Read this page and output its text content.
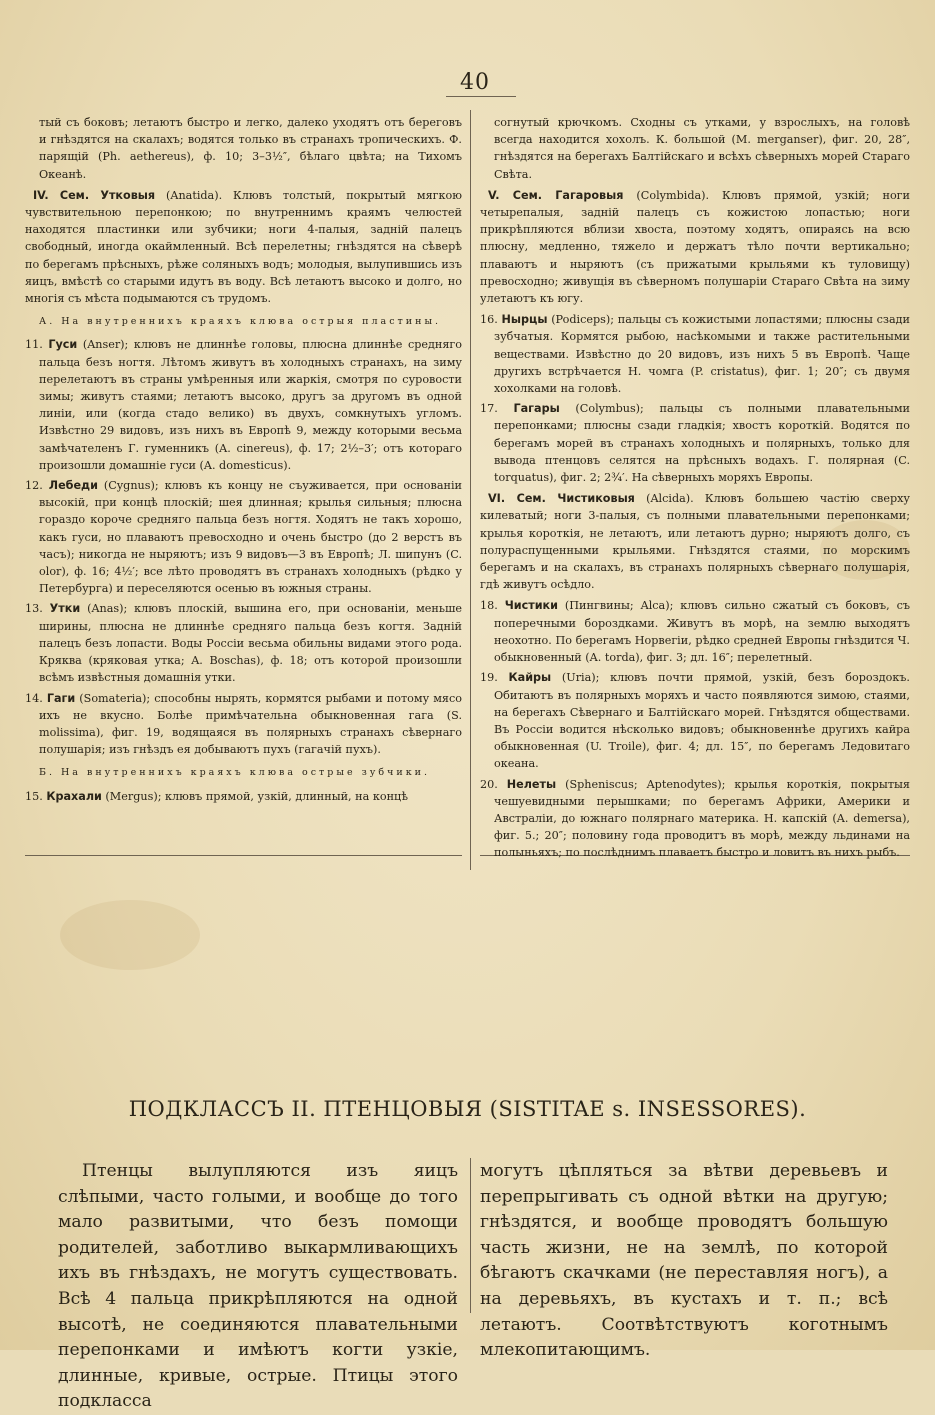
40

тый съ боковъ; летаютъ быстро и легко, далеко уходятъ отъ береговъ и гнѣздятся на скалахъ; водятся только въ странахъ тропическихъ. Ф. парящій (Ph. aethereus), ф. 10; 3–3½″, бѣлаго цвѣта; на Тихомъ Океанѣ.

IV. Сем. Утковыя (Anatida). Клювъ толстый, покрытый мягкою чувствительною перепонкою; по внутреннимъ краямъ челюстей находятся пластинки или зубчики; ноги 4-палыя, задній палецъ свободный, иногда окаймленный. Всѣ перелетны; гнѣздятся на сѣверѣ по берегамъ прѣсныхъ, рѣже соляныхъ водъ; молодыя, вылупившись изъ яицъ, вмѣстѣ со старыми идутъ въ воду. Всѣ летаютъ высоко и долго, но многія съ мѣста подымаются съ трудомъ.

А. На внутреннихъ краяхъ клюва острыя пластины.

11. Гуси (Anser); клювъ не длиннѣе головы, плюсна длиннѣе средняго пальца безъ ногтя. Лѣтомъ живутъ въ холодныхъ странахъ, на зиму перелетаютъ въ страны умѣренныя или жаркія, смотря по суровости зимы; живутъ стаями; летаютъ высоко, другъ за другомъ въ одной линіи, или (когда стадо велико) въ двухъ, сомкнутыхъ угломъ. Извѣстно 29 видовъ, изъ нихъ въ Европѣ 9, между которыми весьма замѣчателенъ Г. гуменникъ (A. cinereus), ф. 17; 2½–3′; отъ котораго произошли домашніе гуси (A. domesticus).

12. Лебеди (Cygnus); клювъ къ концу не съуживается, при основаніи высокій, при концѣ плоскій; шея длинная; крылья сильныя; плюсна гораздо короче средняго пальца безъ ногтя. Ходятъ не такъ хорошо, какъ гуси, но плаваютъ превосходно и очень быстро (до 2 верстъ въ часъ); никогда не ныряютъ; изъ 9 видовъ—3 въ Европѣ; Л. шипунъ (C. olor), ф. 16; 4½′; все лѣто проводятъ въ странахъ холодныхъ (рѣдко у Петербурга) и переселяются осенью въ южныя страны.

13. Утки (Anas); клювъ плоскій, вышина его, при основаніи, меньше ширины, плюсна не длиннѣе средняго пальца безъ когтя. Задній палецъ безъ лопасти. Воды Россіи весьма обильны видами этого рода. Кряква (кряковая утка; A. Boschas), ф. 18; отъ которой произошли всѣмъ извѣстныя домашнія утки.

14. Гаги (Somateria); способны нырять, кормятся рыбами и потому мясо ихъ не вкусно. Болѣе примѣчательна обыкновенная гага (S. molissima), фиг. 19, водящаяся въ полярныхъ странахъ сѣвернаго полушарія; изъ гнѣздъ ея добываютъ пухъ (гагачій пухъ).

Б. На внутреннихъ краяхъ клюва острые зубчики.

15. Крахали (Mergus); клювъ прямой, узкій, длинный, на концѣ

согнутый крючкомъ. Сходны съ утками, у взрослыхъ, на головѣ всегда находится хохолъ. К. большой (M. merganser), фиг. 20, 28″, гнѣздятся на берегахъ Балтійскаго и всѣхъ сѣверныхъ морей Стараго Свѣта.

V. Сем. Гагаровыя (Colymbida). Клювъ прямой, узкій; ноги четырепалыя, задній палецъ съ кожистою лопастью; ноги прикрѣпляются вблизи хвоста, поэтому ходятъ, опираясь на всю плюсну, медленно, тяжело и держатъ тѣло почти вертикально; плаваютъ и ныряютъ (съ прижатыми крыльями къ туловищу) превосходно; живущія въ сѣверномъ полушаріи Стараго Свѣта на зиму улетаютъ къ югу.

16. Нырцы (Podiceps); пальцы съ кожистыми лопастями; плюсны сзади зубчатыя. Кормятся рыбою, насѣкомыми и также растительными веществами. Извѣстно до 20 видовъ, изъ нихъ 5 въ Европѣ. Чаще другихъ встрѣчается Н. чомга (P. cristatus), фиг. 1; 20″; съ двумя хохолками на головѣ.

17. Гагары (Colymbus); пальцы съ полными плавательными перепонками; плюсны сзади гладкія; хвостъ короткій. Водятся по берегамъ морей въ странахъ холодныхъ и полярныхъ, только для вывода птенцовъ селятся на прѣсныхъ водахъ. Г. полярная (C. torquatus), фиг. 2; 2¾′. На сѣверныхъ моряхъ Европы.

VI. Сем. Чистиковыя (Alcida). Клювъ большею частію сверху килеватый; ноги 3-палыя, съ полными плавательными перепонками; крылья короткія, не летаютъ, или летаютъ дурно; ныряютъ долго, съ полураспущенными крыльями. Гнѣздятся стаями, по морскимъ берегамъ и на скалахъ, въ странахъ полярныхъ сѣвернаго полушарія, гдѣ живутъ осѣдло.

18. Чистики (Пингвины; Alca); клювъ сильно сжатый съ боковъ, съ поперечными бороздками. Живутъ въ морѣ, на землю выходятъ неохотно. По берегамъ Норвегіи, рѣдко средней Европы гнѣздится Ч. обыкновенный (A. torda), фиг. 3; дл. 16″; перелетный.

19. Кайры (Uria); клювъ почти прямой, узкій, безъ бороздокъ. Обитаютъ въ полярныхъ моряхъ и часто появляются зимою, стаями, на берегахъ Сѣвернаго и Балтійскаго морей. Гнѣздятся обществами. Въ Россіи водится нѣсколько видовъ; обыкновеннѣе другихъ кайра обыкновенная (U. Troile), фиг. 4; дл. 15″, по берегамъ Ледовитаго океана.

20. Нелеты (Spheniscus; Aptenodytes); крылья короткія, покрытыя чешуевидными перышками; по берегамъ Африки, Америки и Австраліи, до южнаго полярнаго материка. Н. капскій (A. demersa), фиг. 5.; 20″; половину года проводитъ въ морѣ, между льдинами на полыньяхъ; по послѣднимъ плаваетъ быстро и ловитъ въ нихъ рыбъ.

ПОДКЛАССЪ II. ПТЕНЦОВЫЯ (SISTITAE s. INSESSORES).
Птенцы вылупляются изъ яицъ слѣпыми, часто голыми, и вообще до того мало развитыми, что безъ помощи родителей, заботливо выкармливающихъ ихъ въ гнѣздахъ, не могутъ существовать. Всѣ 4 пальца прикрѣпляются на одной высотѣ, не соединяются плавательными перепонками и имѣютъ когти узкіе, длинные, кривые, острые. Птицы этого подкласса
могутъ цѣпляться за вѣтви деревьевъ и перепрыгивать съ одной вѣтки на другую; гнѣздятся, и вообще проводятъ большую часть жизни, не на землѣ, по которой бѣгаютъ скачками (не переставляя ногъ), а на деревьяхъ, въ кустахъ и т. п.; всѣ летаютъ. Соотвѣтствуютъ коготнымъ млекопитающимъ.
